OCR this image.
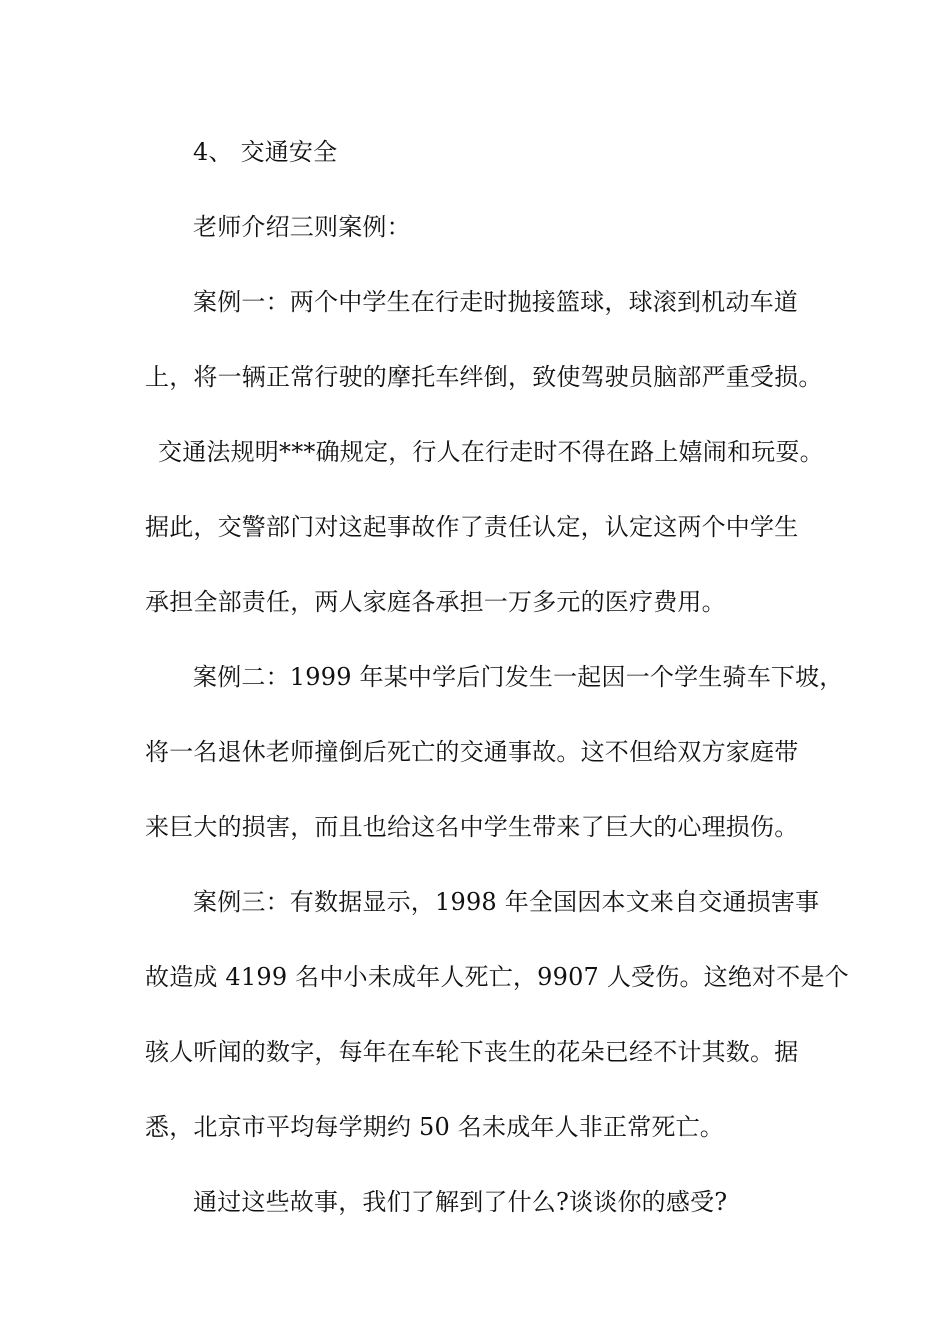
4、 交通安全
老师介绍三则案例：
案例一：两个中学生在行走时抛接篮球，球滚到机动车道
上，将一辆正常行驶的摩托车绊倒，致使驾驶员脑部严重受损。
交通法规明***确规定，行人在行走时不得在路上嬉闹和玩耍。
据此，交警部门对这起事故作了责任认定，认定这两个中学生
承担全部责任，两人家庭各承担一万多元的医疗费用。
案例二：1999 年某中学后门发生一起因一个学生骑车下坡，
将一名退休老师撞倒后死亡的交通事故。这不但给双方家庭带
来巨大的损害，而且也给这名中学生带来了巨大的心理损伤。
案例三：有数据显示，1998 年全国因本文来自交通损害事
故造成 4199 名中小未成年人死亡，9907 人受伤。这绝对不是个
骇人听闻的数字，每年在车轮下丧生的花朵已经不计其数。据
悉，北京市平均每学期约 50 名未成年人非正常死亡。
通过这些故事，我们了解到了什么?谈谈你的感受?
